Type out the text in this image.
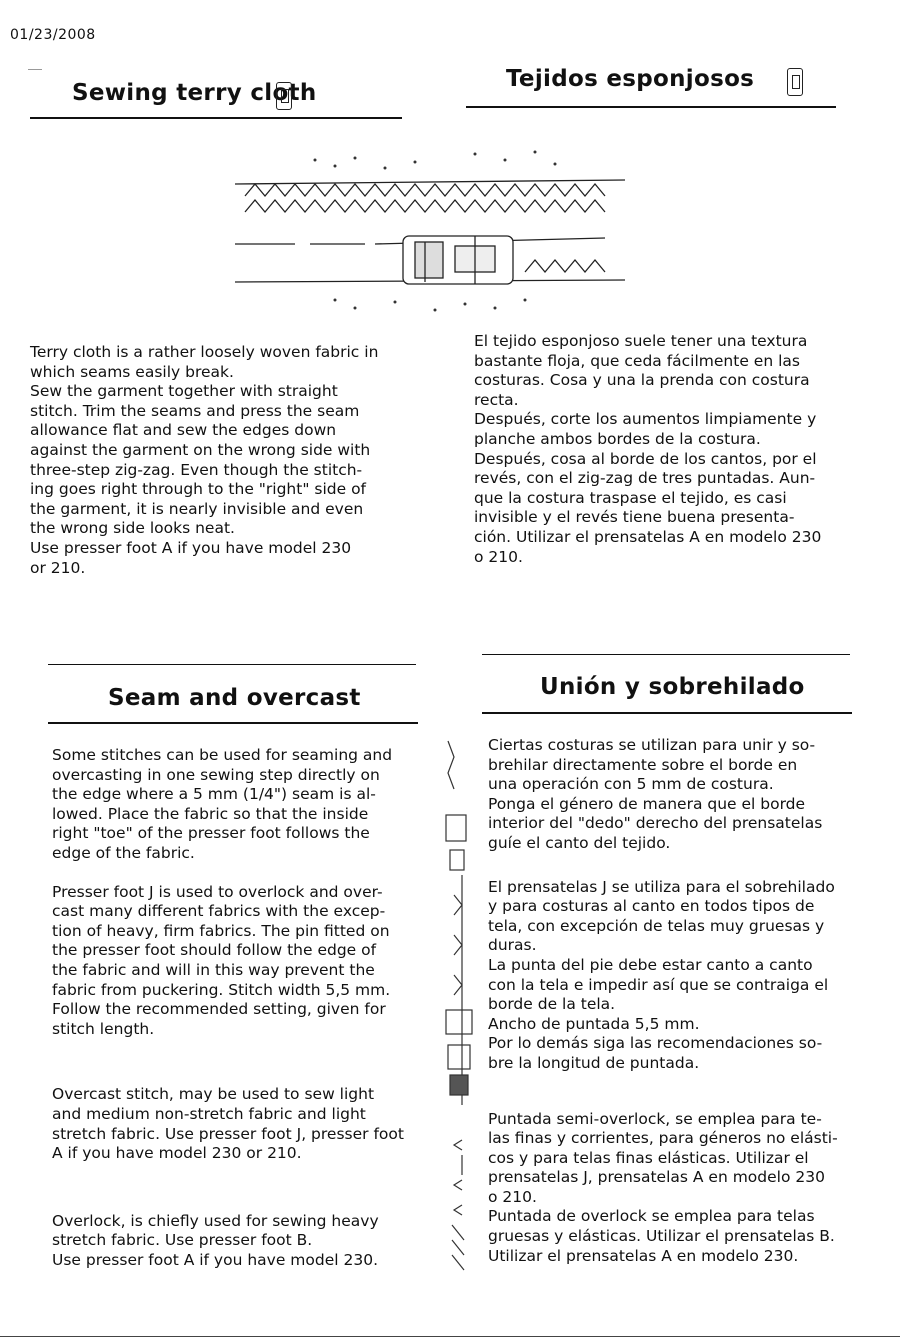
01/23/2008
Sewing terry cloth
Tejidos esponjosos

Terry cloth is a rather loosely woven fabric in
which seams easily break.
Sew the garment together with straight
stitch. Trim the seams and press the seam
allowance flat and sew the edges down
against the garment on the wrong side with
three-step zig-zag. Even though the stitch-
ing goes right through to the "right" side of
the garment, it is nearly invisible and even
the wrong side looks neat.
Use presser foot A if you have model 230
or 210.

El tejido esponjoso suele tener una textura
bastante floja, que ceda fácilmente en las
costuras. Cosa y una la prenda con costura
recta.
Después, corte los aumentos limpiamente y
planche ambos bordes de la costura.
Después, cosa al borde de los cantos, por el
revés, con el zig-zag de tres puntadas. Aun-
que la costura traspase el tejido, es casi
invisible y el revés tiene buena presenta-
ción. Utilizar el prensatelas A en modelo 230
o 210.

Seam and overcast	Unión y sobrehilado

Some stitches can be used for seaming and
overcasting in one sewing step directly on
the edge where a 5 mm (1/4") seam is al-
lowed. Place the fabric so that the inside
right "toe" of the presser foot follows the
edge of the fabric.

Presser foot J is used to overlock and over-
cast many different fabrics with the excep-
tion of heavy, firm fabrics. The pin fitted on
the presser foot should follow the edge of
the fabric and will in this way prevent the
fabric from puckering. Stitch width 5,5 mm.
Follow the recommended setting, given for
stitch length.

Overcast stitch, may be used to sew light
and medium non-stretch fabric and light
stretch fabric. Use presser foot J, presser foot
A if you have model 230 or 210.

Overlock, is chiefly used for sewing heavy
stretch fabric. Use presser foot B.
Use presser foot A if you have model 230.

Ciertas costuras se utilizan para unir y so-
brehilar directamente sobre el borde en
una operación con 5 mm de costura.
Ponga el género de manera que el borde
interior del "dedo" derecho del prensatelas
guíe el canto del tejido.

El prensatelas J se utiliza para el sobrehilado
y para costuras al canto en todos tipos de
tela, con excepción de telas muy gruesas y
duras.
La punta del pie debe estar canto a canto
con la tela e impedir así que se contraiga el
borde de la tela.
Ancho de puntada 5,5 mm.
Por lo demás siga las recomendaciones so-
bre la longitud de puntada.

Puntada semi-overlock, se emplea para te-
las finas y corrientes, para géneros no elásti-
cos y para telas finas elásticas. Utilizar el
prensatelas J, prensatelas A en modelo 230
o 210.
Puntada de overlock se emplea para telas
gruesas y elásticas. Utilizar el prensatelas B.
Utilizar el prensatelas A en modelo 230.
